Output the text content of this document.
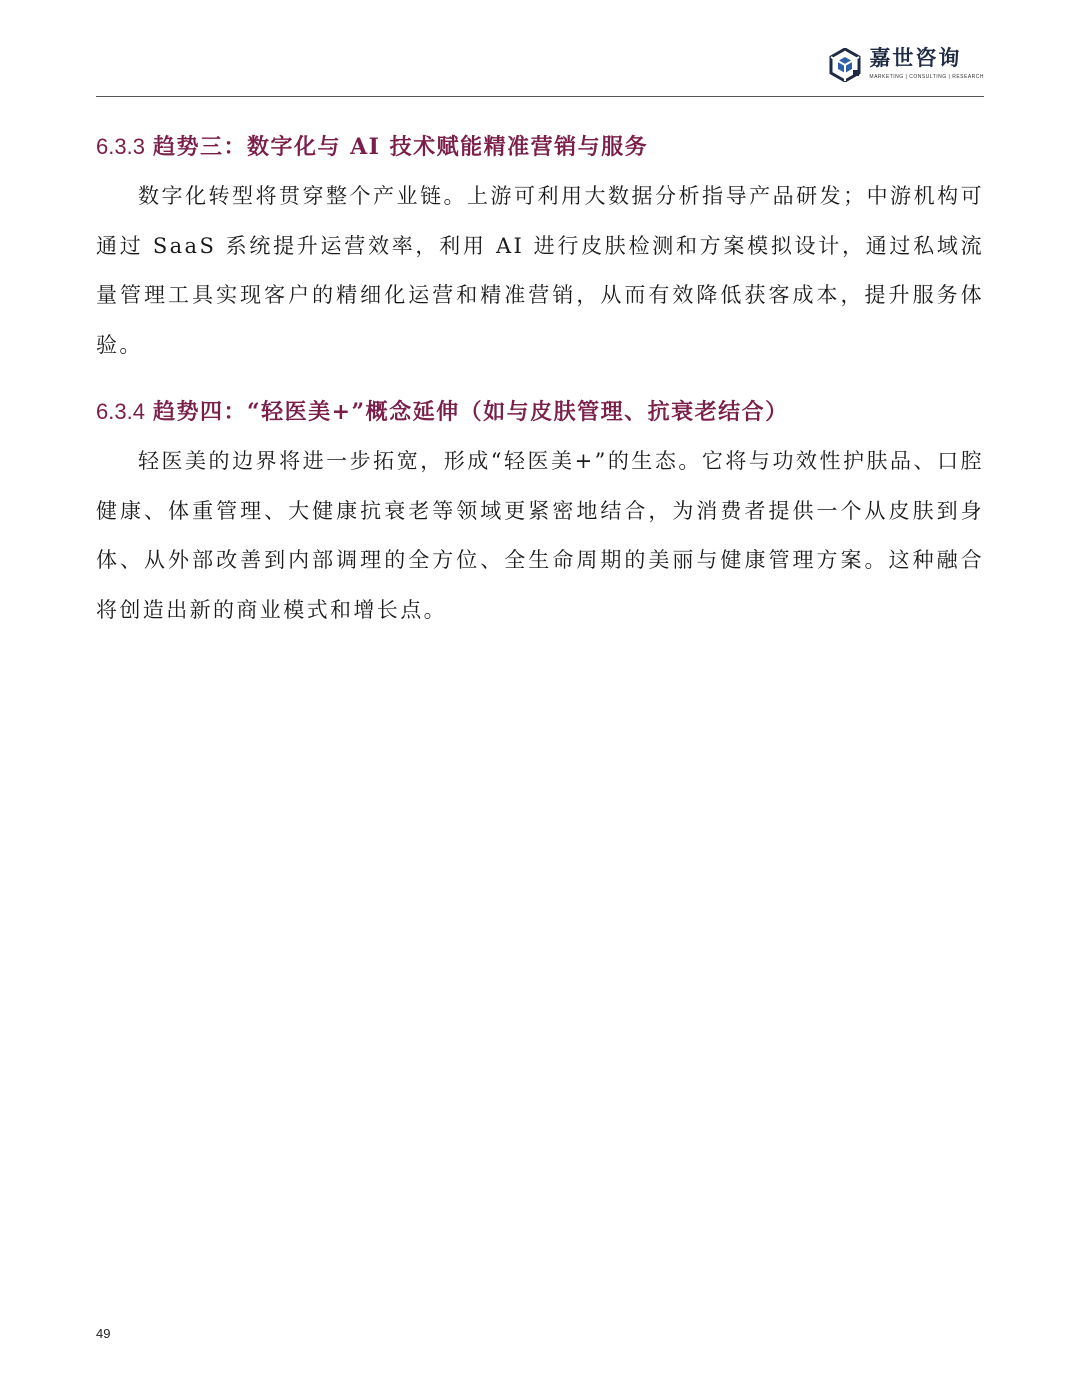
嘉世咨询
MARKETING | CONSULTING | RESEARCH
6.3.3 趋势三：数字化与 AI 技术赋能精准营销与服务

数字化转型将贯穿整个产业链。上游可利用大数据分析指导产品研发；中游机构可通过 SaaS 系统提升运营效率，利用 AI 进行皮肤检测和方案模拟设计，通过私域流量管理工具实现客户的精细化运营和精准营销，从而有效降低获客成本，提升服务体验。

6.3.4 趋势四：“轻医美+”概念延伸（如与皮肤管理、抗衰老结合）

轻医美的边界将进一步拓宽，形成“轻医美+”的生态。它将与功效性护肤品、口腔健康、体重管理、大健康抗衰老等领域更紧密地结合，为消费者提供一个从皮肤到身体、从外部改善到内部调理的全方位、全生命周期的美丽与健康管理方案。这种融合将创造出新的商业模式和增长点。

49
